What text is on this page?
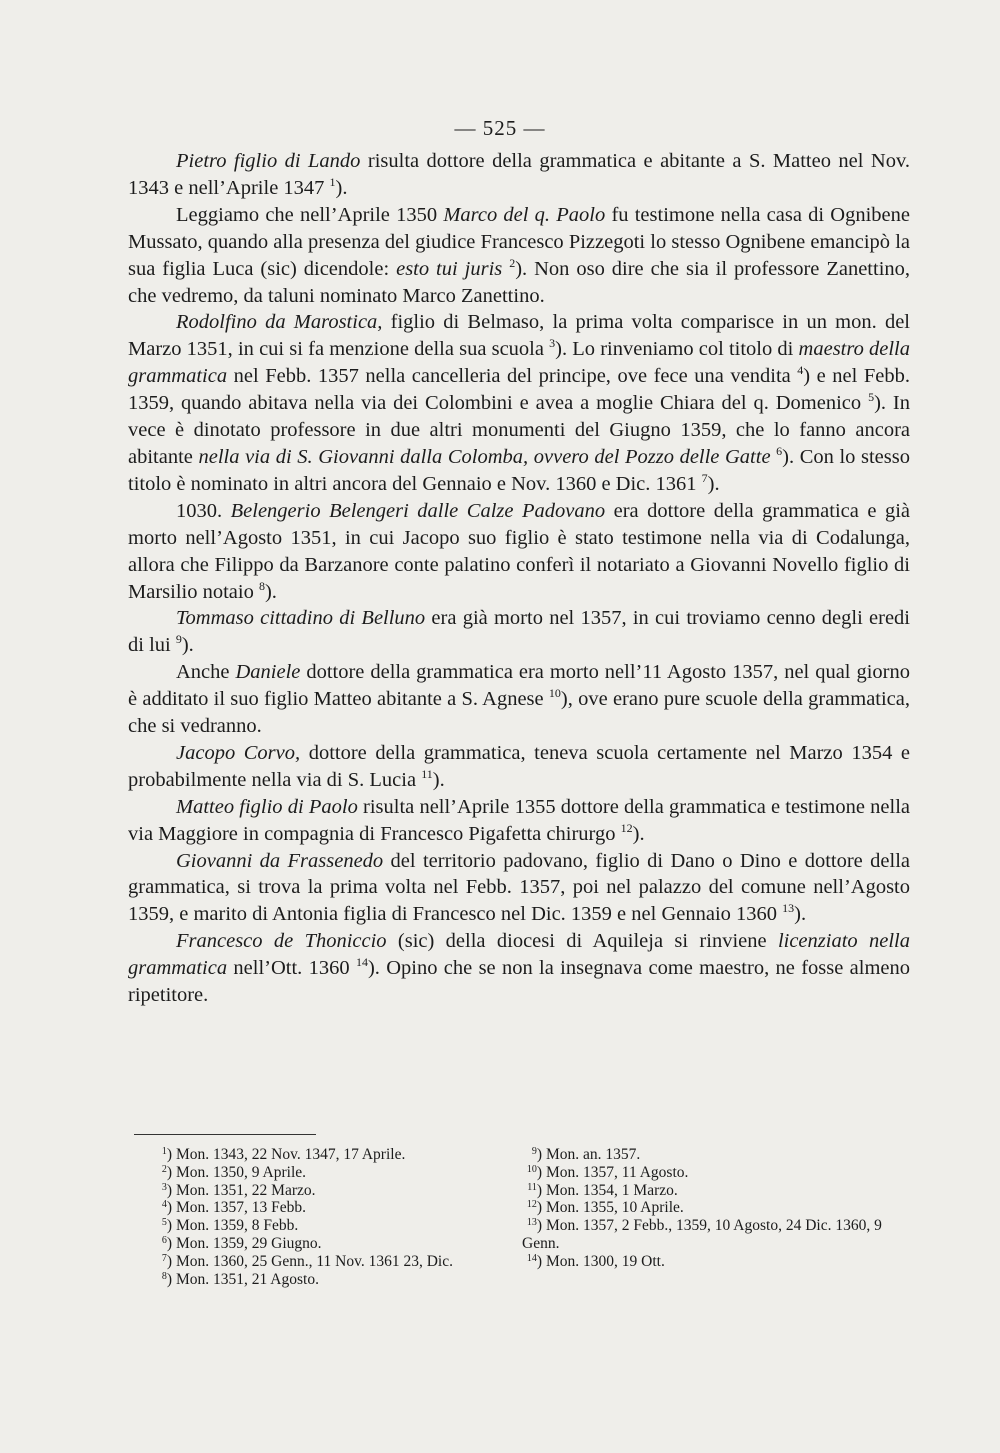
— 525 —

Pietro figlio di Lando risulta dottore della grammatica e abitante a S. Matteo nel Nov. 1343 e nell’Aprile 1347 $^1$).

Leggiamo che nell’Aprile 1350 Marco del q. Paolo fu testimone nella casa di Ognibene Mussato, quando alla presenza del giudice Francesco Pizzegoti lo stesso Ognibene emancipò la sua figlia Luca (sic) dicendole: esto tui juris $^2$). Non oso dire che sia il professore Zanettino, che vedremo, da taluni nominato Marco Zanettino.

Rodolfino da Marostica, figlio di Belmaso, la prima volta comparisce in un mon. del Marzo 1351, in cui si fa menzione della sua scuola $^3$). Lo rinveniamo col titolo di maestro della grammatica nel Febb. 1357 nella cancelleria del principe, ove fece una vendita $^4$) e nel Febb. 1359, quando abitava nella via dei Colombini e avea a moglie Chiara del q. Domenico $^5$). In vece è dinotato professore in due altri monumenti del Giugno 1359, che lo fanno ancora abitante nella via di S. Giovanni dalla Colomba, ovvero del Pozzo delle Gatte $^6$). Con lo stesso titolo è nominato in altri ancora del Gennaio e Nov. 1360 e Dic. 1361 $^7$).

1030. Belengerio Belengeri dalle Calze Padovano era dottore della grammatica e già morto nell’Agosto 1351, in cui Jacopo suo figlio è stato testimone nella via di Codalunga, allora che Filippo da Barzanore conte palatino conferì il notariato a Giovanni Novello figlio di Marsilio notaio $^8$).

Tommaso cittadino di Belluno era già morto nel 1357, in cui troviamo cenno degli eredi di lui $^9$).

Anche Daniele dottore della grammatica era morto nell’11 Agosto 1357, nel qual giorno è additato il suo figlio Matteo abitante a S. Agnese $^{10}$), ove erano pure scuole della grammatica, che si vedranno.

Jacopo Corvo, dottore della grammatica, teneva scuola certamente nel Marzo 1354 e probabilmente nella via di S. Lucia $^{11}$).

Matteo figlio di Paolo risulta nell’Aprile 1355 dottore della grammatica e testimone nella via Maggiore in compagnia di Francesco Pigafetta chirurgo $^{12}$).

Giovanni da Frassenedo del territorio padovano, figlio di Dano o Dino e dottore della grammatica, si trova la prima volta nel Febb. 1357, poi nel palazzo del comune nell’Agosto 1359, e marito di Antonia figlia di Francesco nel Dic. 1359 e nel Gennaio 1360 $^{13}$).

Francesco de Thoniccio (sic) della diocesi di Aquileja si rinviene licenziato nella grammatica nell’Ott. 1360 $^{14}$). Opino che se non la insegnava come maestro, ne fosse almeno ripetitore.

$^1$) Mon. 1343, 22 Nov. 1347, 17 Aprile.
$^2$) Mon. 1350, 9 Aprile.
$^3$) Mon. 1351, 22 Marzo.
$^4$) Mon. 1357, 13 Febb.
$^5$) Mon. 1359, 8 Febb.
$^6$) Mon. 1359, 29 Giugno.
$^7$) Mon. 1360, 25 Genn., 11 Nov. 1361 23, Dic.
$^8$) Mon. 1351, 21 Agosto.
$^9$) Mon. an. 1357.
$^{10}$) Mon. 1357, 11 Agosto.
$^{11}$) Mon. 1354, 1 Marzo.
$^{12}$) Mon. 1355, 10 Aprile.
$^{13}$) Mon. 1357, 2 Febb., 1359, 10 Agosto, 24 Dic. 1360, 9 Genn.
$^{14}$) Mon. 1300, 19 Ott.
